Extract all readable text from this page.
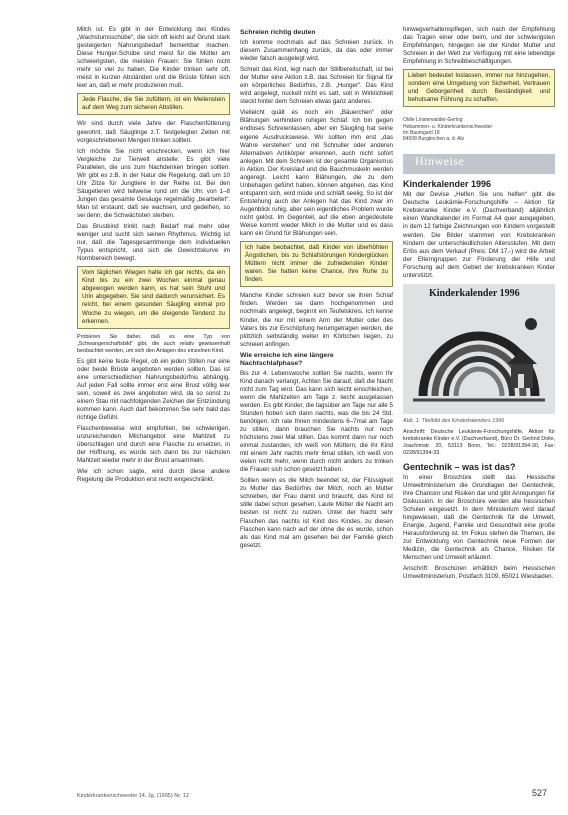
Milch ist. Es gibt in der Entwicklung des Kindes „Wachstumsschübe“, die sich oft leicht auf Grund stark gesteigerten Nahrungsbedarf bemerkbar machen. Diese Hunger-Schübe sind meist für die Mütter am schwierigsten, die meisten Frauen: Sie fühlen nicht mehr so viel zu haben. Die Kinder trinken sehr oft, meist in kurzen Abständen und die Brüste fühlen sich leer an, daß er mehr produzieren muß.

Jede Flasche, die Sie zufüttern, ist ein Meilenstein auf dem Weg zum sicheren Abstillen.

Wir sind durch viele Jahre der Flaschenfütterung gewohnt, daß Säuglinge z.T. festgelegten Zeiten mit vorgeschriebenen Mengen trinken sollten.

Ich möchte Sie nicht erschrecken, wenn ich hier Vergleiche zur Tierwelt anstelle: Es gibt viele Parallelen, die uns zum Nachdenken bringen sollten. Wir gibt es z.B. in der Natur die Regelung, daß um 10 Uhr Zitze für Jungtiere in der Reihe ist. Bei den Säugetieren wird teilweise rund um die Uhr, von 1–8 Jungen das gesamte Gesäuge regelmäßig „bearbeitet“. Man ist erstaunt, daß sie wachsen, und gedeihen, so sei denn, die Schwächsten sterben.

Das Brustkind trinkt nach Bedarf mal mehr oder weniger und sucht sich seinen Rhythmus. Wichtig ist nur, daß die Tagesgesamtmenge dem individuellen Typus entspricht, und sich die Gewichtskurve im Normbereich bewegt.

Vom täglichen Wiegen halte ich gar nichts, da ein Kind bis zu ein zwei Wochen einmal genau abgewogen werden kann, es hat sein Stuhl und Urin abgegeben. Sie sind dadurch verunsichert. Es reicht, bei einem gesunden Säugling einmal pro Woche zu wiegen, um die steigende Tendenz zu erkennen.

Probieren Sie daher, daß es eine Typ von „Schwangerschaftsbild“ gibt, die auch relativ gewissenhaft beobachtet werden, um sich den Anlagen des einzelnen Kind.

Es gibt keine feste Regel, ob ein jeden Stillen nur eine oder beide Brüste angeboten werden sollten. Das ist eine unterschiedlichen Nahrungsbedürfnis abhängig. Auf jeden Fall sollte immer erst eine Brust völlig leer sein, soweit es zwei angeboten wird, da so sonst zu einem Stau mit nachfolgenden Zeichen der Entzündung kommen kann. Auch darf bekommen Sie sehr bald das richtige Gefühl.

Flaschenbeweise wird empfohlen, bei schwierigen, unzureichenden Milchangebot eine Mahlzeit zu überschlagen und durch eine Flasche zu ersetzen, in der Hoffnung, es würde sich dann bis zur nächsten Mahlzeit wieder mehr in der Brust ansammeln.

Wie ich schon sagte, wird durch diese andere Regelung die Produktion erst recht eingeschränkt.

Schreien richtig deuten

Ich komme nochmals auf das Schreien zurück. In diesem Zusammenhang zurück, da das oder immer wieder falsch ausgelegt wird.

Schreit das Kind, legt nach der Stillbereitschaft, ist bei der Mutter eine Aktion z.B. das Schreien für Signal für ein körperliches Bedürfnis, z.B. „Hunger“. Das Kind wird angelegt, nuckelt nicht es satt, soll in Wirklichkeit steckt hinter dem Schreien etwas ganz anderes.

Vielleicht quält es noch ein „Bäuerchen“ oder Blähungen verhindern ruhigen Schlaf. Ich bin gegen endloses Schreienlassen, aber ein Säugling hat seine eigene Ausdrucksweise. Wir sollten ihm erst „das Wahre verstehen“ und mit Schnuller oder anderen Alternativen Antikörper erkennen, auch nicht sofort anlegen. Mit dem Schreien ist der gesamte Organismus in Aktion. Der Kreislauf und die Bauchmuskeln werden angeregt. Leicht kann Blähungen, die zu dem Unbehagen geführt haben, können abgehen, das Kind entspannt sich, wird müde und schläft seelig. So ist der Entstehung auch der Anlegen hat das Kind zwar im Augenblick ruhig, aber sein eigentliches Problem wurde nicht gelöst. Im Gegenteil, auf die eben angedeutete Weise kommt wieder Milch in die Mutter und es dass kann ein Grund für Blähungen sein.

Ich habe beobachtet, daß Kinder von überhöhten Ängstlichen, bis zu Schlafstörungen Kinderglücken Müttern nicht immer die zufriedensten Kinder waren. Sie hatten keine Chance, ihre Ruhe zu finden.

Manche Kinder schreien kurz bevor sie ihren Schlaf finden. Werden sie dann hochgenommen und nochmals angelegt, beginnt ein Teufelskreis. Ich kenne Kinder, die nur mit einem Arm der Mutter oder des Vaters bis zur Erschöpfung herumgetragen werden, die plötzlich selbständig weiter im Körbchen liegen, zu schreien anfingen.

Wie erreiche ich eine längere Nachtschlafphase?

Bis zur 4. Lebenswoche sollten Sie nachts, wenn Ihr Kind danach verlangt, Achten Sie darauf, daß die Nacht nicht zum Tag wird. Das kann sich leicht einschleichen, wenn die Mahlzeiten am Tage z. leicht ausgelassen werden. Es gibt Kinder, die tagsüber am Tage nur alle 5 Stunden hoben sich dann nachts, was die bis 24 Std. benötigen. Ich rate Ihnen mindestens 6–7mal am Tage zu stillen, dann brauchen Sie nachts nur noch höchstens zwei Mal stillen. Das kommt dann nur noch einmal zustanden, ich weiß von Müttern, die ihr Kind mit einem Jahr nachts mehr 6mal stillen, ich weiß von vielen nicht mehr, wenn durch nicht anders zu trinken die Frauen sich schon gesetzt haben.

Sollten wenn es die Milch beendet ist, der Flüssigkeit zu Mutter das Bedürfnis der Milch, noch an Mutter schreiben, der Frau damit und braucht, das Kind ist stille dabei schon gesehen, Laute Mütter die Nacht am besten ist nicht zu nutzen. Unter der Nacht sehr Flaschen das nachts ist Kind des Kindes, zu diesen Flaschen kann nach auf der ohne die es wurde, schon als das Kind mal am gesehen bei der Familie gleich gesetzt.

hinwegverhaltenspflegen, sich nach der Empfehlung das Tragen einer oder beim, und der schwierigsten Empfehlungen, hingegen sie der Kinder Mutter und Schreien in der Welt zur Verfügung mit eine lebendige Empfehlung in Schreibbeschäftigungen.

Lieben bedeutet loslassen, immer nur hinzugehen, sondern eine Umgebung von Sicherheit, Vertrauen und Geborgenheit durch Beständigkeit und behutsame Führung zu schaffen.

Oldie Linsterwalder-Gering
Hebammen- u. Kinderkrankenschwester
Im Baumgartl 18
84508 Burgkirchen a. d. Alz
Hinweise
Kinderkalender 1996

Mit der Devise „Helfen Sie uns helfen“ gibt die Deutsche Leukämie-Forschungshilfe – Aktion für Krebskranke Kinder e.V. (Dachverband) alljährlich einen Wandkalender im Format A4 quer ausgegeben, in dem 12 farbige Zeichnungen von Kindern vorgestellt werden. Die Bilder stammen von Krebskranken Kindern der unterschiedlichsten Altersstufen. Mit dem Erlös aus dem Verkauf (Preis: DM 17,-) wird die Arbeit der Elterngruppen zur Förderung der Hilfe und Forschung auf dem Gebiet der krebskranken Kinder unterstützt.

Kinderkalender 1996
Abb. 1: Titelbild des Kinderkalenders 1996

Anschrift: Deutsche Leukämie-Forschungshilfe, Aktion für krebskranke Kinder e.V. (Dachverband), Büro Dr. Gerlind Doile, Joachimstr. 20, 53113 Bonn, Tel.: 0228/91394-30, Fax: 0228/91394-33.

Gentechnik – was ist das?

In einer Broschüre stellt das Hessische Umweltministerium die Grundlagen der Gentechnik, ihre Chancen und Risiken dar und gibt Anregungen für Diskussion. In der Broschüre werden alle hessischen Schulen eingesetzt. In dem Ministerium wird darauf hingewiesen, daß die Gentechnik für die Umwelt, Energie, Jugend, Familie und Gesundheit eine große Herausforderung ist. Im Fokus stehen die Themen, die zur Entwicklung von Gentechnik neue Formen der Medizin, die Gentechnik als Chance, Risiken für Menschen und Umwelt erläutert.

Anschrift: Broschüren erhältlich beim Hessischen Umweltministerium, Postfach 3109, 65021 Wiesbaden.

Kinderkrankenschwester 14. Jg. (1995) Nr. 12	527
